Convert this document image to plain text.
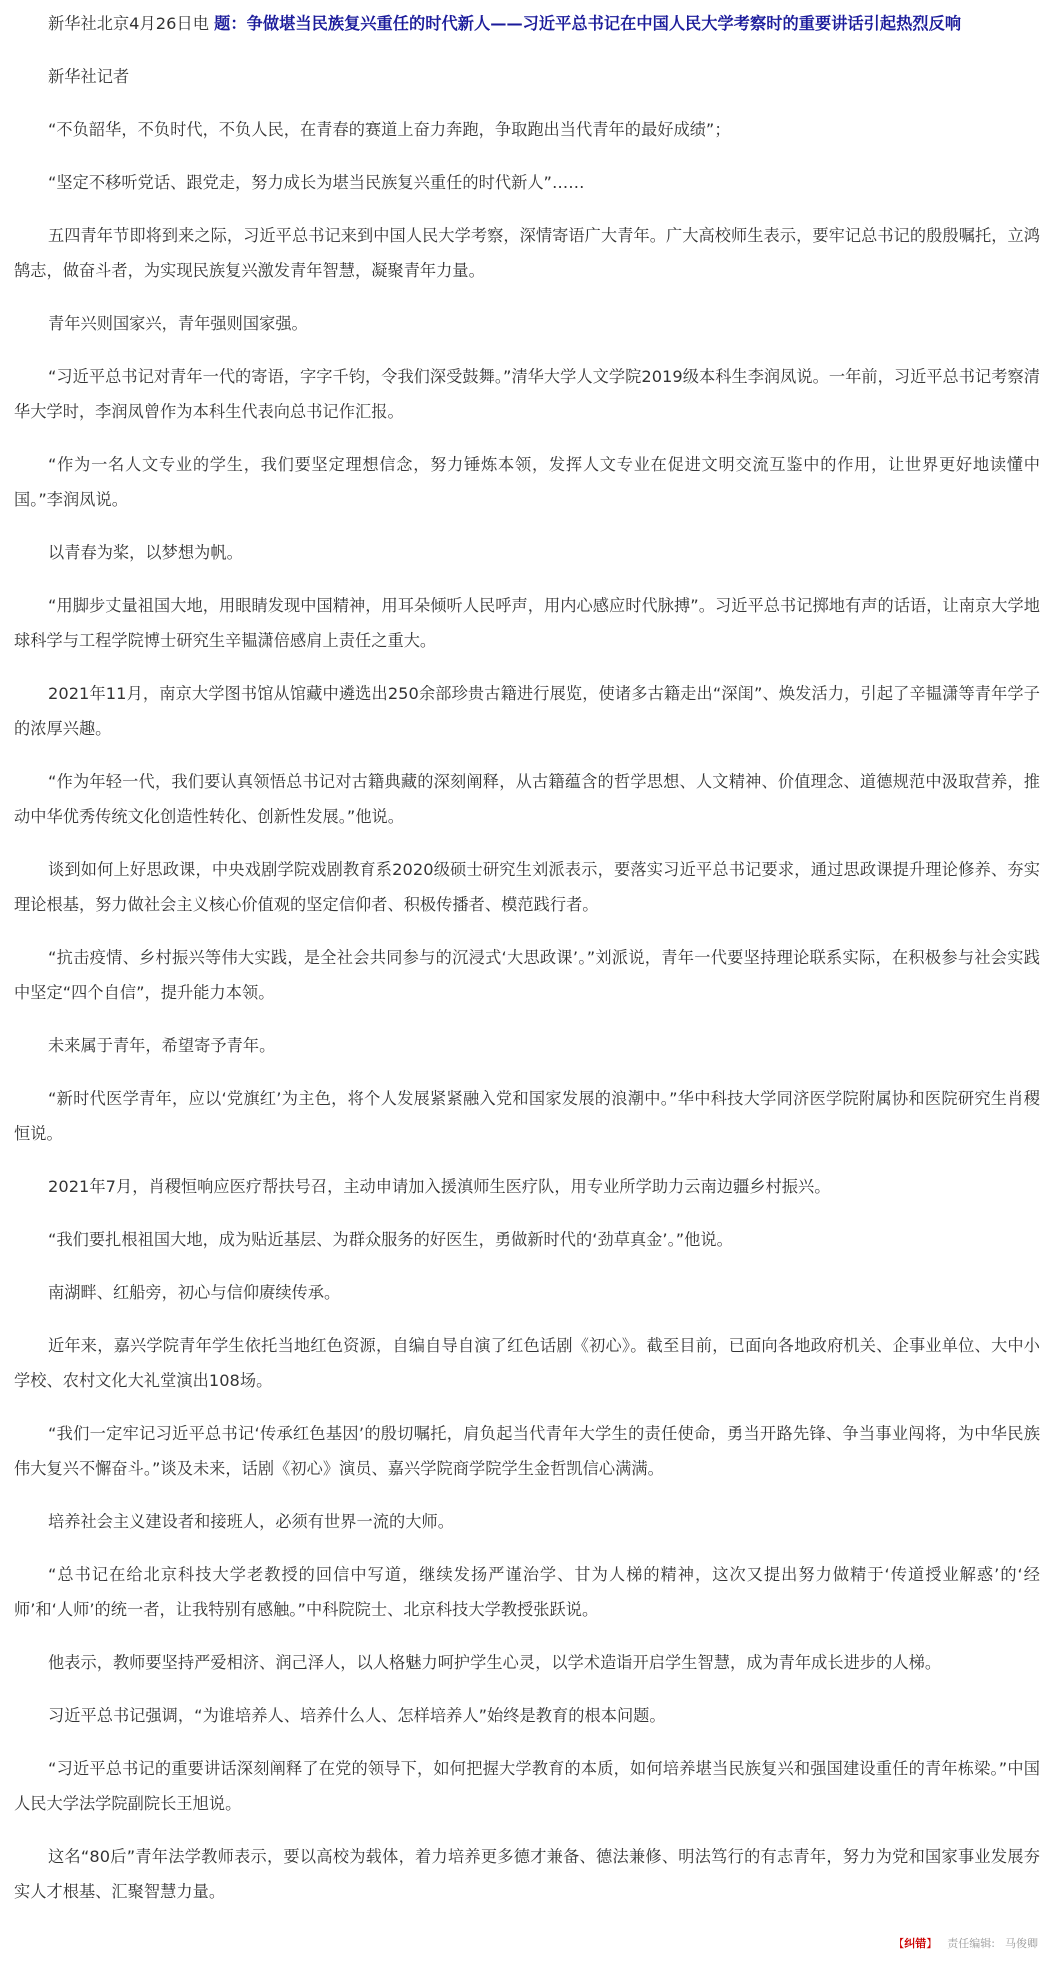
新华社北京4月26日电 题：争做堪当民族复兴重任的时代新人——习近平总书记在中国人民大学考察时的重要讲话引起热烈反响

新华社记者

“不负韶华，不负时代，不负人民，在青春的赛道上奋力奔跑，争取跑出当代青年的最好成绩”；

“坚定不移听党话、跟党走，努力成长为堪当民族复兴重任的时代新人”……

五四青年节即将到来之际，习近平总书记来到中国人民大学考察，深情寄语广大青年。广大高校师生表示，要牢记总书记的殷殷嘱托，立鸿鹄志，做奋斗者，为实现民族复兴激发青年智慧，凝聚青年力量。

青年兴则国家兴，青年强则国家强。

“习近平总书记对青年一代的寄语，字字千钧，令我们深受鼓舞。”清华大学人文学院2019级本科生李润凤说。一年前，习近平总书记考察清华大学时，李润凤曾作为本科生代表向总书记作汇报。

“作为一名人文专业的学生，我们要坚定理想信念，努力锤炼本领，发挥人文专业在促进文明交流互鉴中的作用，让世界更好地读懂中国。”李润凤说。

以青春为桨，以梦想为帆。

“用脚步丈量祖国大地，用眼睛发现中国精神，用耳朵倾听人民呼声，用内心感应时代脉搏”。习近平总书记掷地有声的话语，让南京大学地球科学与工程学院博士研究生辛韫潇倍感肩上责任之重大。

2021年11月，南京大学图书馆从馆藏中遴选出250余部珍贵古籍进行展览，使诸多古籍走出“深闺”、焕发活力，引起了辛韫潇等青年学子的浓厚兴趣。

“作为年轻一代，我们要认真领悟总书记对古籍典藏的深刻阐释，从古籍蕴含的哲学思想、人文精神、价值理念、道德规范中汲取营养，推动中华优秀传统文化创造性转化、创新性发展。”他说。

谈到如何上好思政课，中央戏剧学院戏剧教育系2020级硕士研究生刘派表示，要落实习近平总书记要求，通过思政课提升理论修养、夯实理论根基，努力做社会主义核心价值观的坚定信仰者、积极传播者、模范践行者。

“抗击疫情、乡村振兴等伟大实践，是全社会共同参与的沉浸式‘大思政课’。”刘派说，青年一代要坚持理论联系实际，在积极参与社会实践中坚定“四个自信”，提升能力本领。

未来属于青年，希望寄予青年。

“新时代医学青年，应以‘党旗红’为主色，将个人发展紧紧融入党和国家发展的浪潮中。”华中科技大学同济医学院附属协和医院研究生肖稷恒说。

2021年7月，肖稷恒响应医疗帮扶号召，主动申请加入援滇师生医疗队，用专业所学助力云南边疆乡村振兴。

“我们要扎根祖国大地，成为贴近基层、为群众服务的好医生，勇做新时代的‘劲草真金’。”他说。

南湖畔、红船旁，初心与信仰赓续传承。

近年来，嘉兴学院青年学生依托当地红色资源，自编自导自演了红色话剧《初心》。截至目前，已面向各地政府机关、企事业单位、大中小学校、农村文化大礼堂演出108场。

“我们一定牢记习近平总书记‘传承红色基因’的殷切嘱托，肩负起当代青年大学生的责任使命，勇当开路先锋、争当事业闯将，为中华民族伟大复兴不懈奋斗。”谈及未来，话剧《初心》演员、嘉兴学院商学院学生金哲凯信心满满。

培养社会主义建设者和接班人，必须有世界一流的大师。

“总书记在给北京科技大学老教授的回信中写道，继续发扬严谨治学、甘为人梯的精神，这次又提出努力做精于‘传道授业解惑’的‘经师’和‘人师’的统一者，让我特别有感触。”中科院院士、北京科技大学教授张跃说。

他表示，教师要坚持严爱相济、润己泽人，以人格魅力呵护学生心灵，以学术造诣开启学生智慧，成为青年成长进步的人梯。

习近平总书记强调，“为谁培养人、培养什么人、怎样培养人”始终是教育的根本问题。

“习近平总书记的重要讲话深刻阐释了在党的领导下，如何把握大学教育的本质，如何培养堪当民族复兴和强国建设重任的青年栋梁。”中国人民大学法学院副院长王旭说。

这名“80后”青年法学教师表示，要以高校为载体，着力培养更多德才兼备、德法兼修、明法笃行的有志青年，努力为党和国家事业发展夯实人才根基、汇聚智慧力量。

【纠错】 责任编辑: 马俊卿
